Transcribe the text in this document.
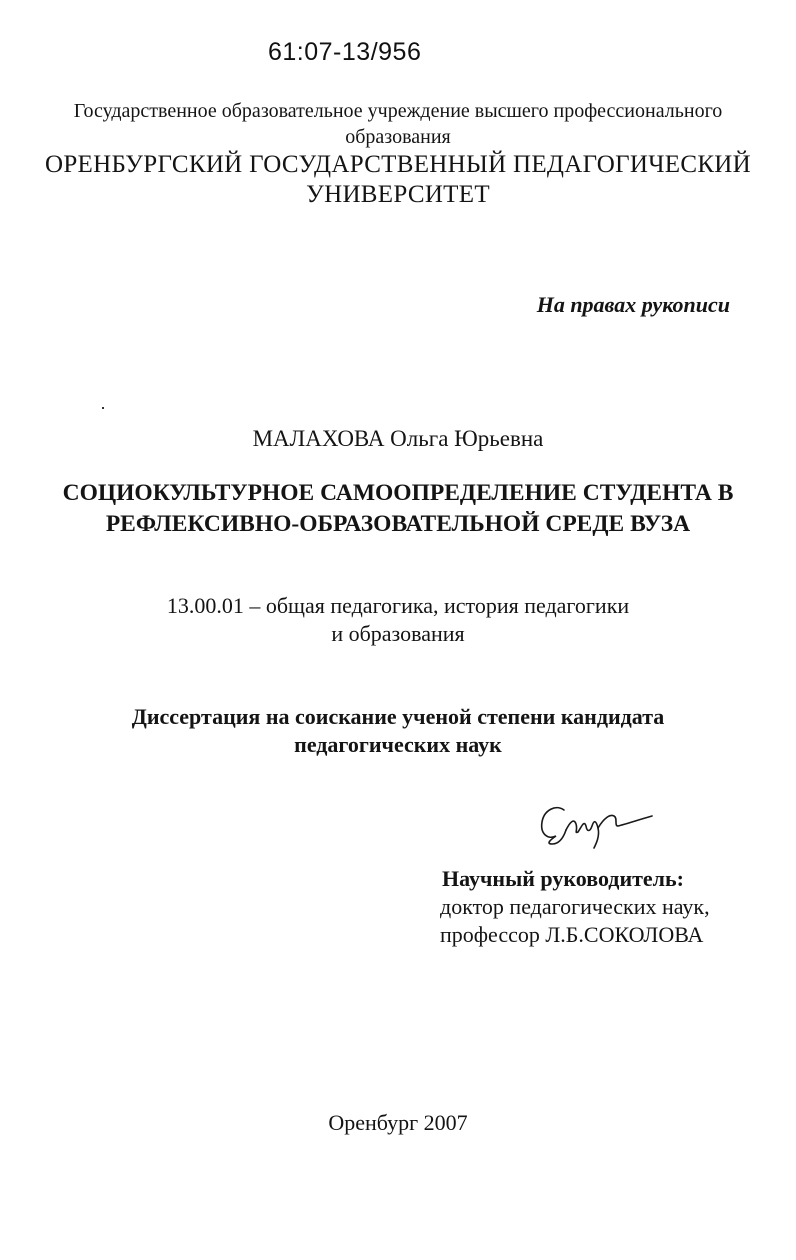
61:07-13/956
Государственное образовательное учреждение высшего профессионального
образования
ОРЕНБУРГСКИЙ ГОСУДАРСТВЕННЫЙ ПЕДАГОГИЧЕСКИЙ
УНИВЕРСИТЕТ
На правах рукописи
МАЛАХОВА Ольга Юрьевна
СОЦИОКУЛЬТУРНОЕ САМООПРЕДЕЛЕНИЕ СТУДЕНТА В
РЕФЛЕКСИВНО-ОБРАЗОВАТЕЛЬНОЙ СРЕДЕ ВУЗА
13.00.01 – общая педагогика, история педагогики
и образования
Диссертация на соискание ученой степени кандидата
педагогических наук
Научный руководитель:
доктор педагогических наук,
профессор Л.Б.СОКОЛОВА
Оренбург 2007
